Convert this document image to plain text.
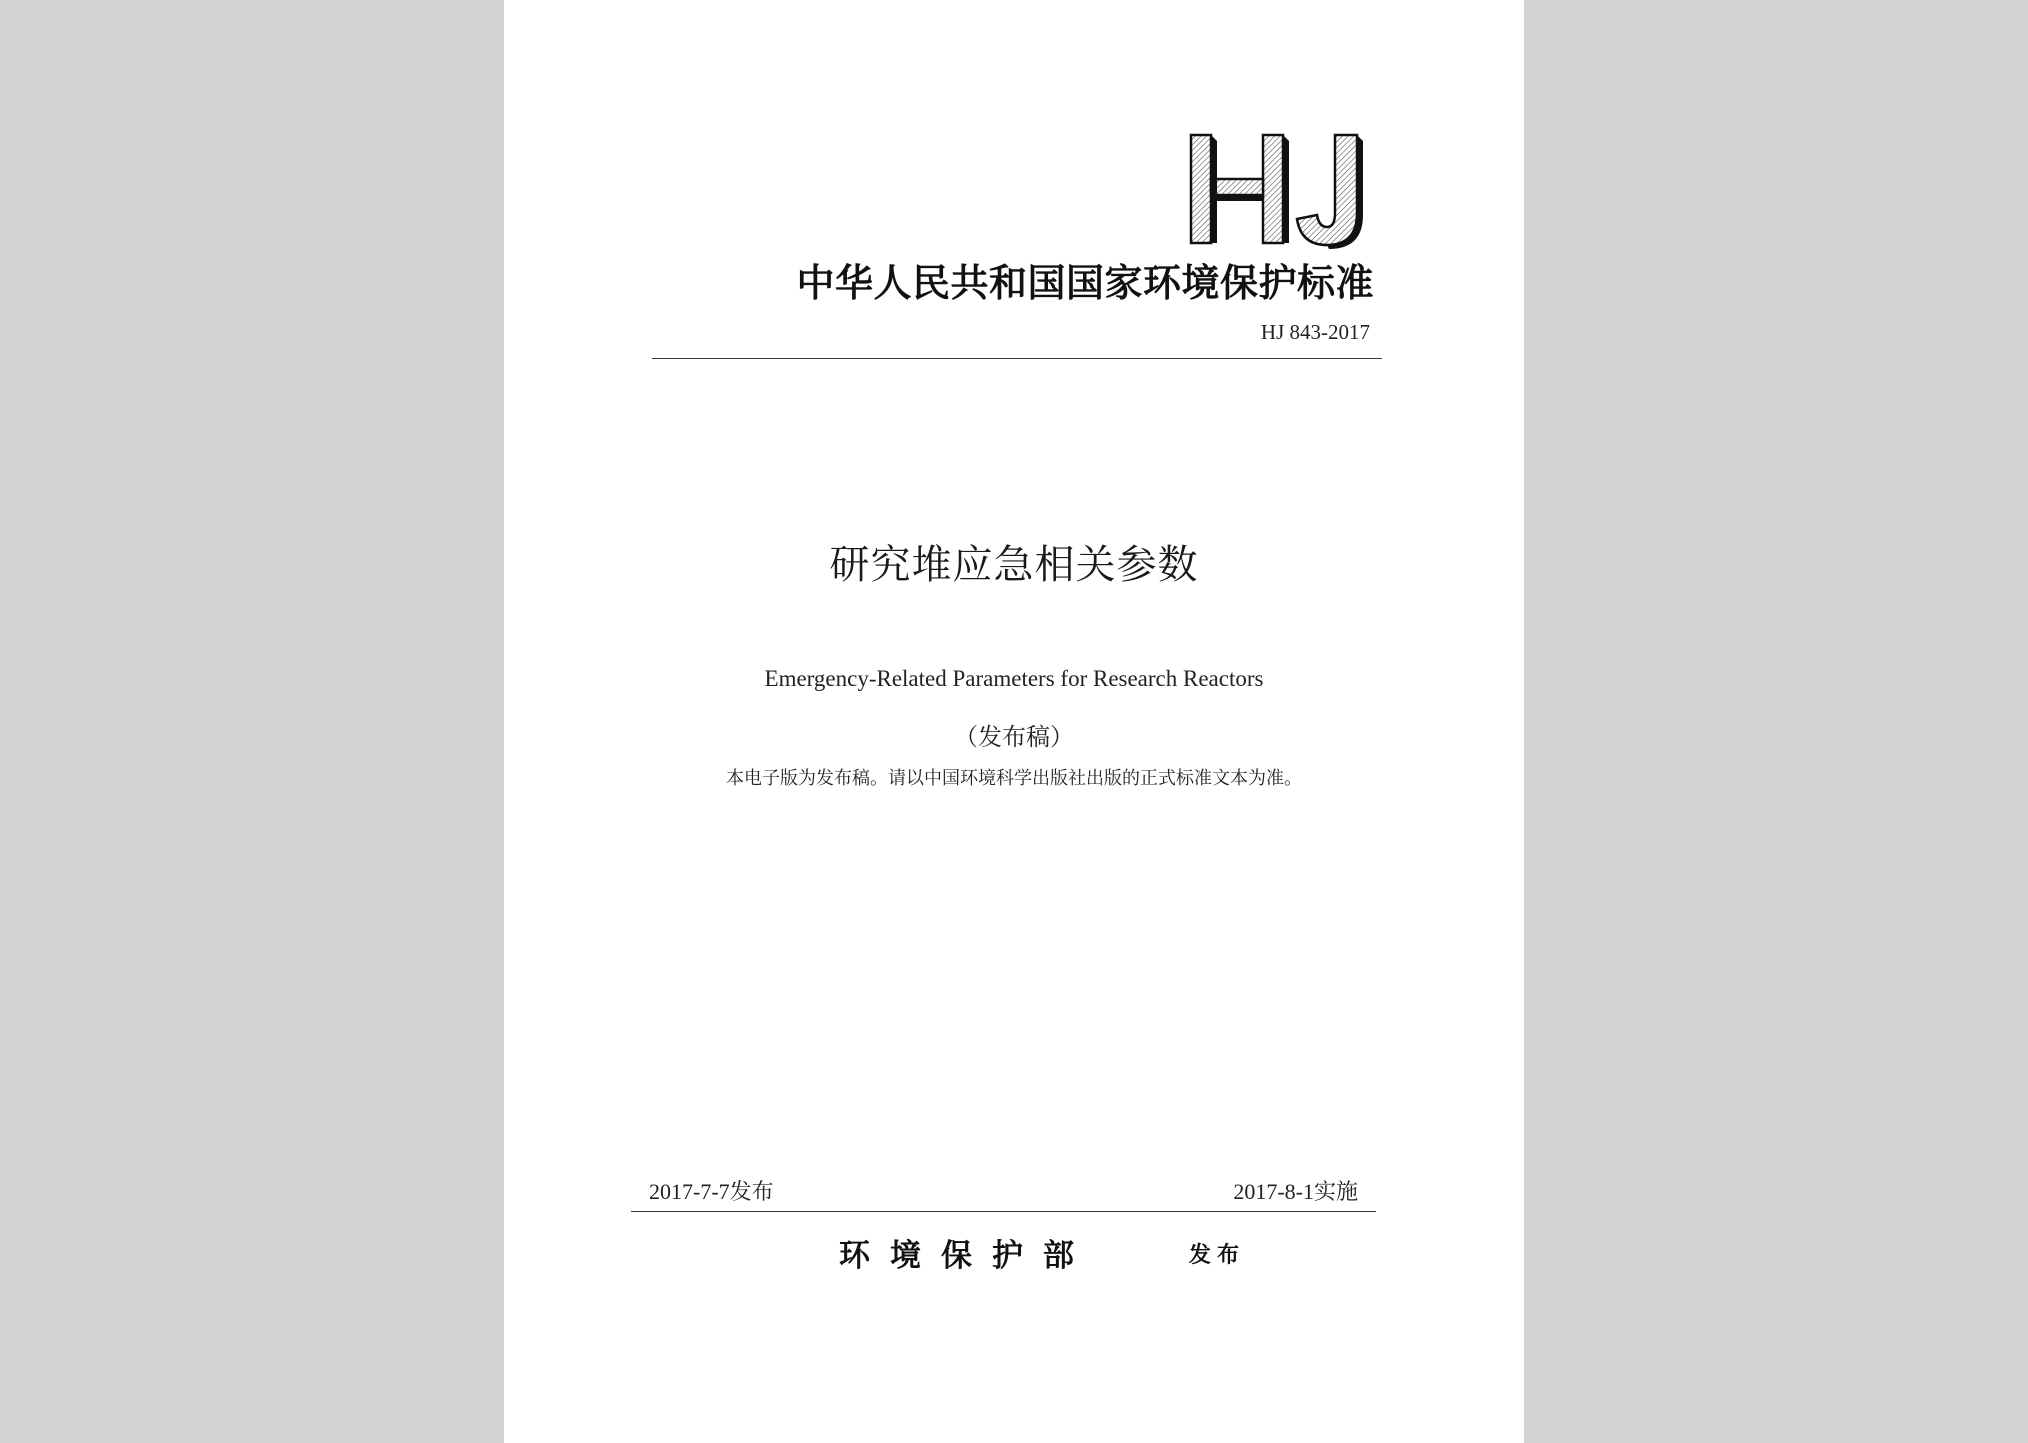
中华人民共和国国家环境保护标准
HJ 843-2017
研究堆应急相关参数
Emergency-Related Parameters for Research Reactors
（发布稿）
本电子版为发布稿。请以中国环境科学出版社出版的正式标准文本为准。
2017-7-7发布	2017-8-1实施
环境保护部	发布
